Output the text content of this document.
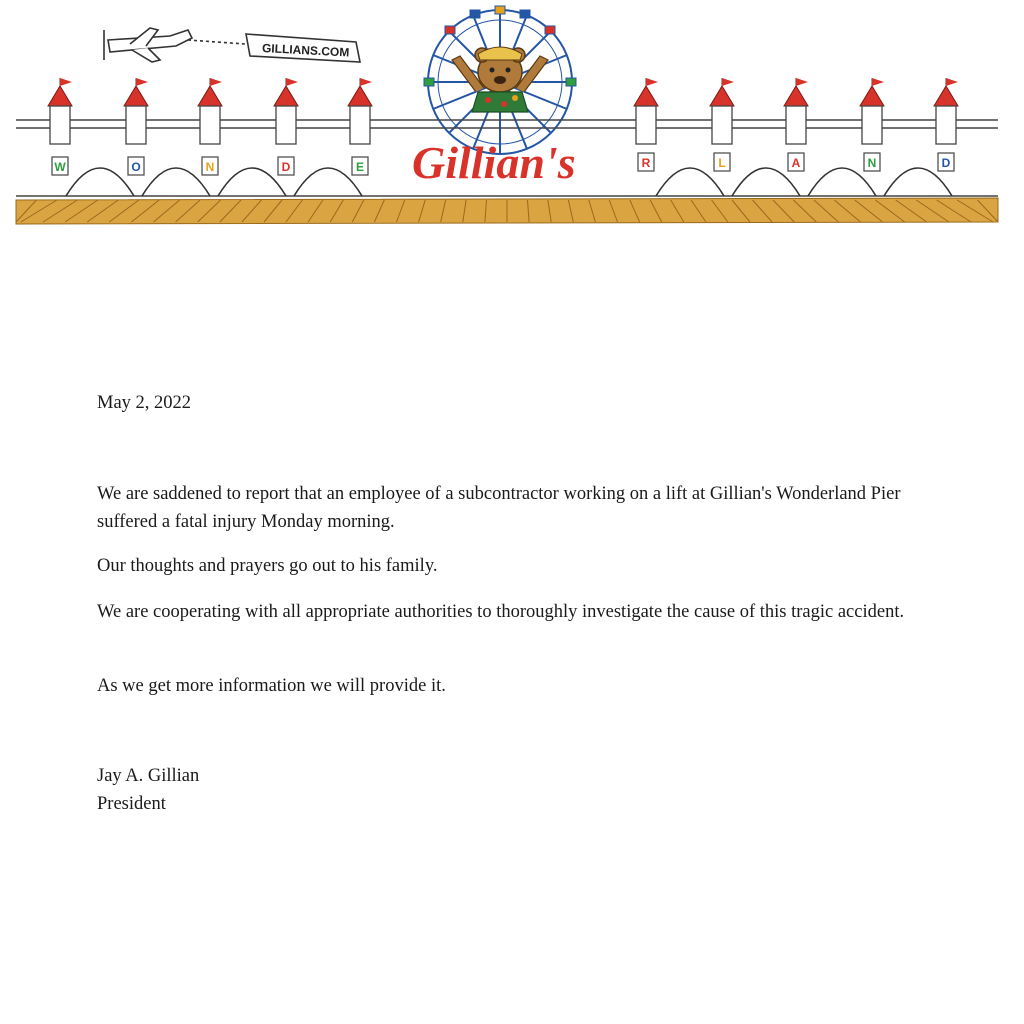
GILLIANS.COM
W	O	N	D	E	R	L	A	N	D
Gillian's

May 2, 2022

We are saddened to report that an employee of a subcontractor working on a lift at Gillian's Wonderland Pier suffered a fatal injury Monday morning.

Our thoughts and prayers go out to his family.

We are cooperating with all appropriate authorities to thoroughly investigate the cause of this tragic accident.

As we get more information we will provide it.

Jay A. Gillian

President
